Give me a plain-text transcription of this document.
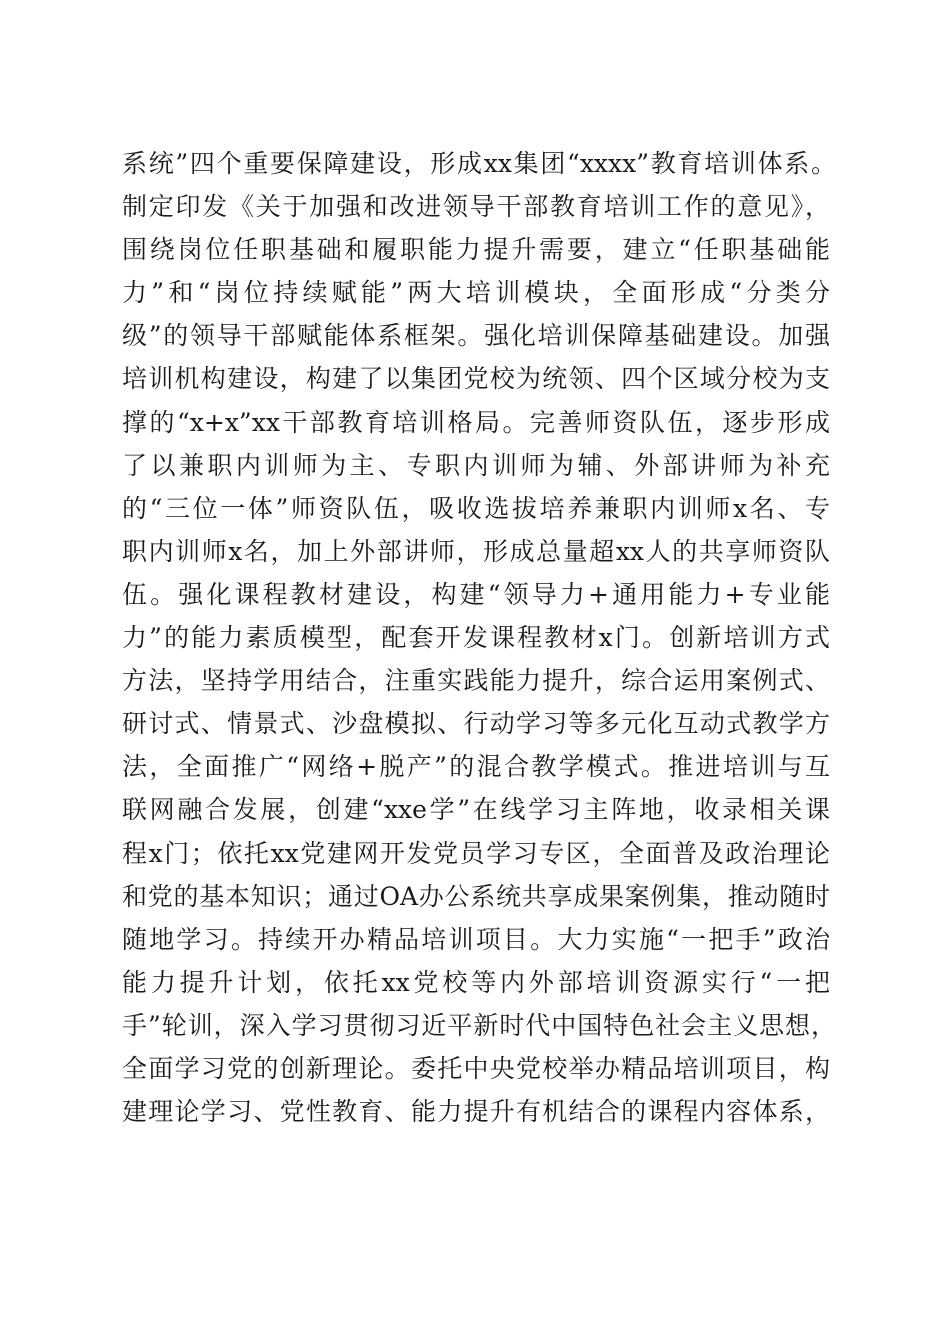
系统”四个重要保障建设，形成xx集团“xxxx”教育培训体系。
制定印发《关于加强和改进领导干部教育培训工作的意见》，
围绕岗位任职基础和履职能力提升需要，建立“任职基础能
力”和“岗位持续赋能”两大培训模块，全面形成“分类分
级”的领导干部赋能体系框架。强化培训保障基础建设。加强
培训机构建设，构建了以集团党校为统领、四个区域分校为支
撑的“x+x”xx干部教育培训格局。完善师资队伍，逐步形成
了以兼职内训师为主、专职内训师为辅、外部讲师为补充
的“三位一体”师资队伍，吸收选拔培养兼职内训师x名、专
职内训师x名，加上外部讲师，形成总量超xx人的共享师资队
伍。强化课程教材建设，构建“领导力+通用能力+专业能
力”的能力素质模型，配套开发课程教材x门。创新培训方式
方法，坚持学用结合，注重实践能力提升，综合运用案例式、
研讨式、情景式、沙盘模拟、行动学习等多元化互动式教学方
法，全面推广“网络+脱产”的混合教学模式。推进培训与互
联网融合发展，创建“xxe学”在线学习主阵地，收录相关课
程x门；依托xx党建网开发党员学习专区，全面普及政治理论
和党的基本知识；通过OA办公系统共享成果案例集，推动随时
随地学习。持续开办精品培训项目。大力实施“一把手”政治
能力提升计划，依托xx党校等内外部培训资源实行“一把
手”轮训，深入学习贯彻习近平新时代中国特色社会主义思想，
全面学习党的创新理论。委托中央党校举办精品培训项目，构
建理论学习、党性教育、能力提升有机结合的课程内容体系，
